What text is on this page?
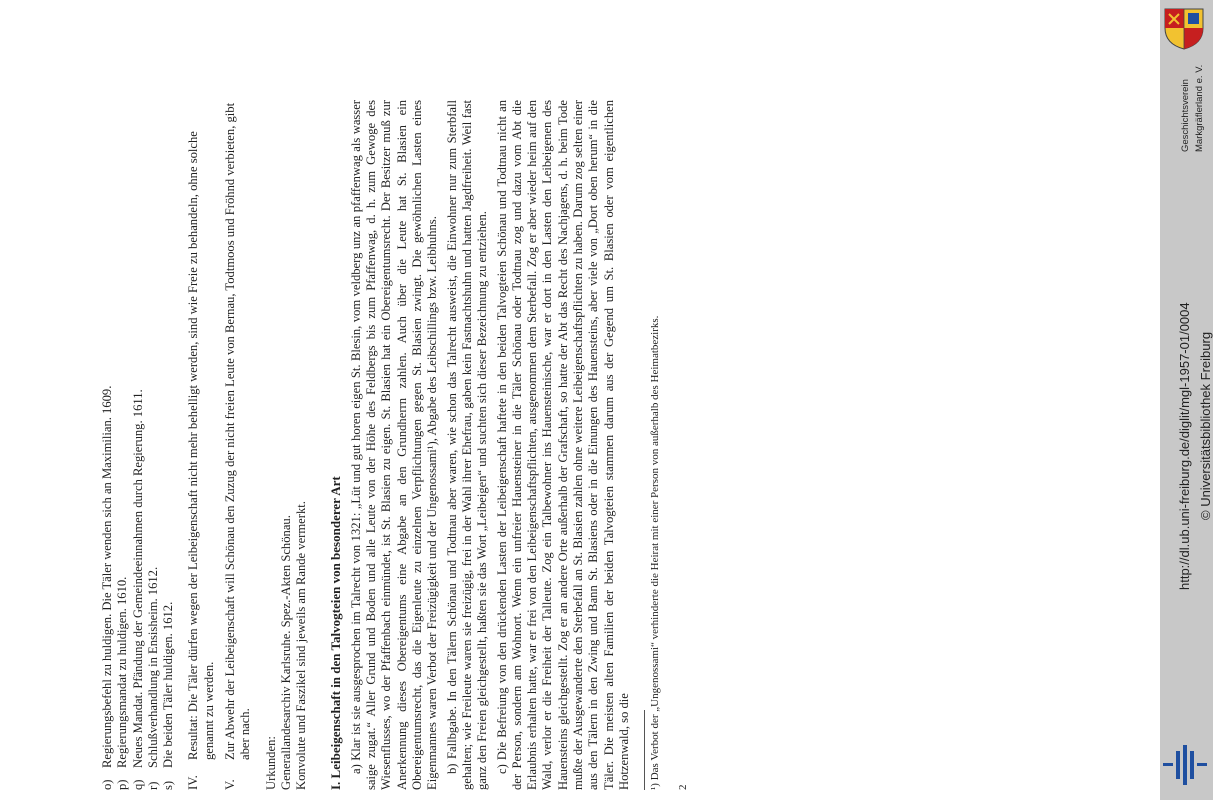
o)
Regierungsbefehl zu huldigen. Die Täler wenden sich an Maximilian. 1609.
p)
Regierungsmandat zu huldigen. 1610.
q)
Neues Mandat. Pfändung der Gemeindeeinnahmen durch Regierung. 1611.
r)
Schlußverhandlung in Ensisheim. 1612.
s)
Die beiden Täler huldigen. 1612.
IV.
Resultat: Die Täler dürfen wegen der Leibeigenschaft nicht mehr behelligt werden, sind wie Freie zu behandeln, ohne solche genannt zu werden.
V.
Zur Abwehr der Leibeigenschaft will Schönau den Zuzug der nicht freien Leute von Bernau, Todtmoos und Fröhnd verbieten, gibt aber nach.
Urkunden: Generallandesarchiv Karlsruhe. Spez.-Akten Schönau. Konvolute und Faszikel sind jeweils am Rande vermerkt. I. Leibeigenschaft in den Talvogteien von besonderer Art a) Klar ist sie ausgesprochen im Talrecht von 1321: „Lüt und gut horen eigen St. Blesin, vom veldberg unz an pfaffenwag als wasser saige zugat.“ Aller Grund und Boden und alle Leute von der Höhe des Feldbergs bis zum Pfaffenwag, d. h. zum Gewoge des Wiesenflusses, wo der Pfaffenbach einmündet, ist St. Blasien zu eigen. St. Blasien hat ein Obereigentumsrecht. Der Besitzer muß zur Anerkennung dieses Obereigentums eine Abgabe an den Grundherrn zahlen. Auch über die Leute hat St. Blasien ein Obereigentumsrecht, das die Eigenleute zu einzelnen Verpflichtungen gegen St. Blasien zwingt. Die gewöhnlichen Lasten eines Eigenmannes waren Verbot der Freizügigkeit und der Ungenossami¹), Abgabe des Leibschillings bzw. Leibhuhns. b) Fallbgabe. In den Tälern Schönau und Todtnau aber waren, wie schon das Talrecht ausweist, die Einwohner nur zum Sterbfall gehalten; wie Freileute waren sie freizügig, frei in der Wahl ihrer Ehefrau, gaben kein Fastnachtshuhn und hatten Jagdfreiheit. Weil fast ganz den Freien gleichgestellt, haßten sie das Wort „Leibeigen“ und suchten sich dieser Bezeichnung zu entziehen. c) Die Befreiung von den drückenden Lasten der Leibeigenschaft haftete in den beiden Talvogteien Schönau und Todtnau nicht an der Person, sondern am Wohnort. Wenn ein unfreier Hauensteiner in die Täler Schönau oder Todtnau zog und dazu vom Abt die Erlaubnis erhalten hatte, war er frei von den Leibeigenschaftspflichten, ausgenommen dem Sterbefall. Zog er aber wieder heim auf den Wald, verlor er die Freiheit der Talleute. Zog ein Talbewohner ins Hauensteinische, war er dort in den Lasten den Leibeigenen des Hauensteins gleichgestellt. Zog er an andere Orte außerhalb der Grafschaft, so hatte der Abt das Recht des Nachjagens, d. h. beim Tode mußte der Ausgewanderte den Sterbefall an St. Blasien zahlen ohne weitere Leibeigenschaftspflichten zu haben. Darum zog selten einer aus den Tälern in den Zwing und Bann St. Blasiens oder in die Einungen des Hauensteins, aber viele von „Dort oben herum“ in die Täler. Die meisten alten Familien der beiden Talvogteien stammen darum aus der Gegend um St. Blasien oder vom eigentlichen Hotzenwald, so die ¹) Das Verbot der „Ungenossami“ verhinderte die Heirat mit einer Person von außerhalb des Heimatbezirks. 2
Geschichtsverein Markgräflerland e. V.
http://dl.ub.uni-freiburg.de/diglit/mgl-1957-01/0004 © Universitätsbibliothek Freiburg
